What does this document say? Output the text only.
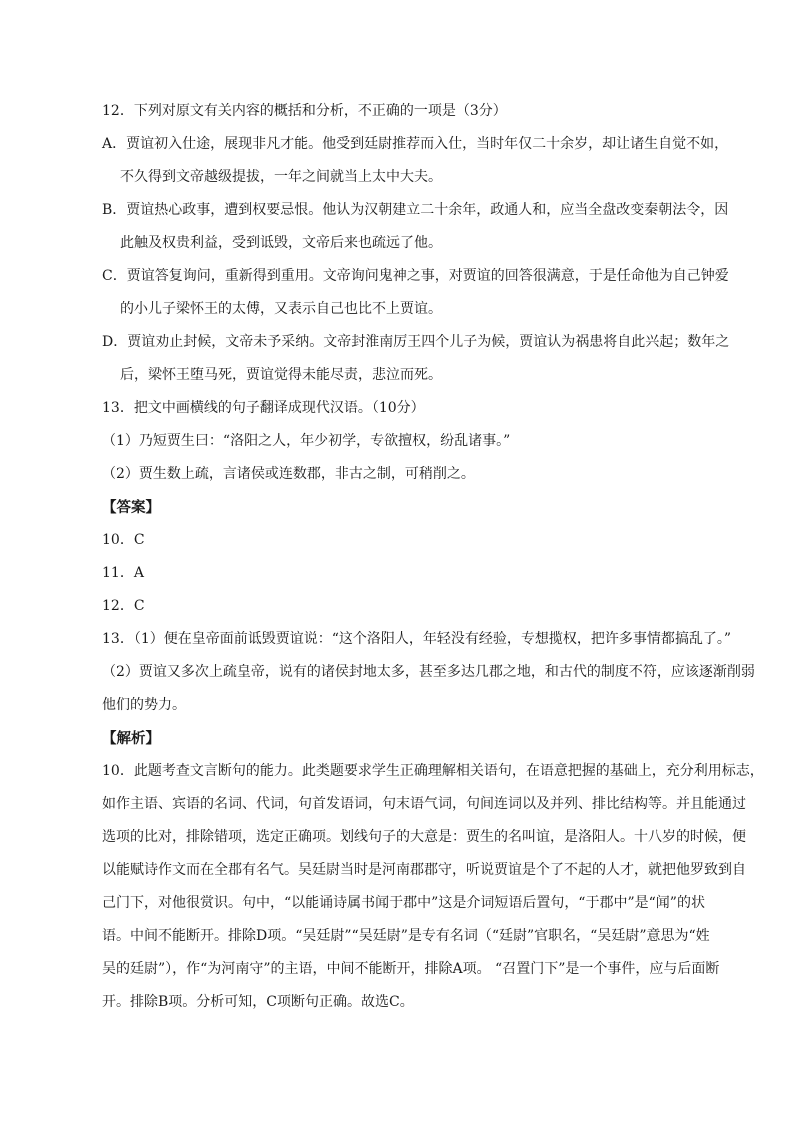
12．下列对原文有关内容的概括和分析，不正确的一项是（3分）
A．贾谊初入仕途，展现非凡才能。他受到廷尉推荐而入仕，当时年仅二十余岁，却让诸生自觉不如，
不久得到文帝越级提拔，一年之间就当上太中大夫。
B．贾谊热心政事，遭到权要忌恨。他认为汉朝建立二十余年，政通人和，应当全盘改变秦朝法令，因
此触及权贵利益，受到诋毁，文帝后来也疏远了他。
C．贾谊答复询问，重新得到重用。文帝询问鬼神之事，对贾谊的回答很满意，于是任命他为自己钟爱
的小儿子梁怀王的太傅，又表示自己也比不上贾谊。
D．贾谊劝止封候，文帝未予采纳。文帝封淮南厉王四个儿子为候，贾谊认为祸患将自此兴起；数年之
后，梁怀王堕马死，贾谊觉得未能尽责，悲泣而死。
13．把文中画横线的句子翻译成现代汉语。（10分）
（1）乃短贾生曰：“洛阳之人，年少初学，专欲擅权，纷乱诸事。”
（2）贾生数上疏，言诸侯或连数郡，非古之制，可稍削之。
【答案】
10．C
11．A
12．C
13．（1）便在皇帝面前诋毁贾谊说：“这个洛阳人，年轻没有经验，专想揽权，把许多事情都搞乱了。”
（2）贾谊又多次上疏皇帝，说有的诸侯封地太多，甚至多达几郡之地，和古代的制度不符，应该逐渐削弱
他们的势力。
【解析】
10．此题考查文言断句的能力。此类题要求学生正确理解相关语句，在语意把握的基础上，充分利用标志，
如作主语、宾语的名词、代词，句首发语词，句末语气词，句间连词以及并列、排比结构等。并且能通过
选项的比对，排除错项，选定正确项。划线句子的大意是：贾生的名叫谊，是洛阳人。十八岁的时候，便
以能赋诗作文而在全郡有名气。吴廷尉当时是河南郡郡守，听说贾谊是个了不起的人才，就把他罗致到自
己门下，对他很赏识。句中，“以能诵诗属书闻于郡中”这是介词短语后置句，“于郡中”是“闻”的状
语。中间不能断开。排除D项。“吴廷尉”“吴廷尉”是专有名词（“廷尉”官职名，“吴廷尉”意思为“姓
吴的廷尉”），作“为河南守”的主语，中间不能断开，排除A项。 “召置门下”是一个事件，应与后面断
开。排除B项。分析可知，C项断句正确。故选C。
